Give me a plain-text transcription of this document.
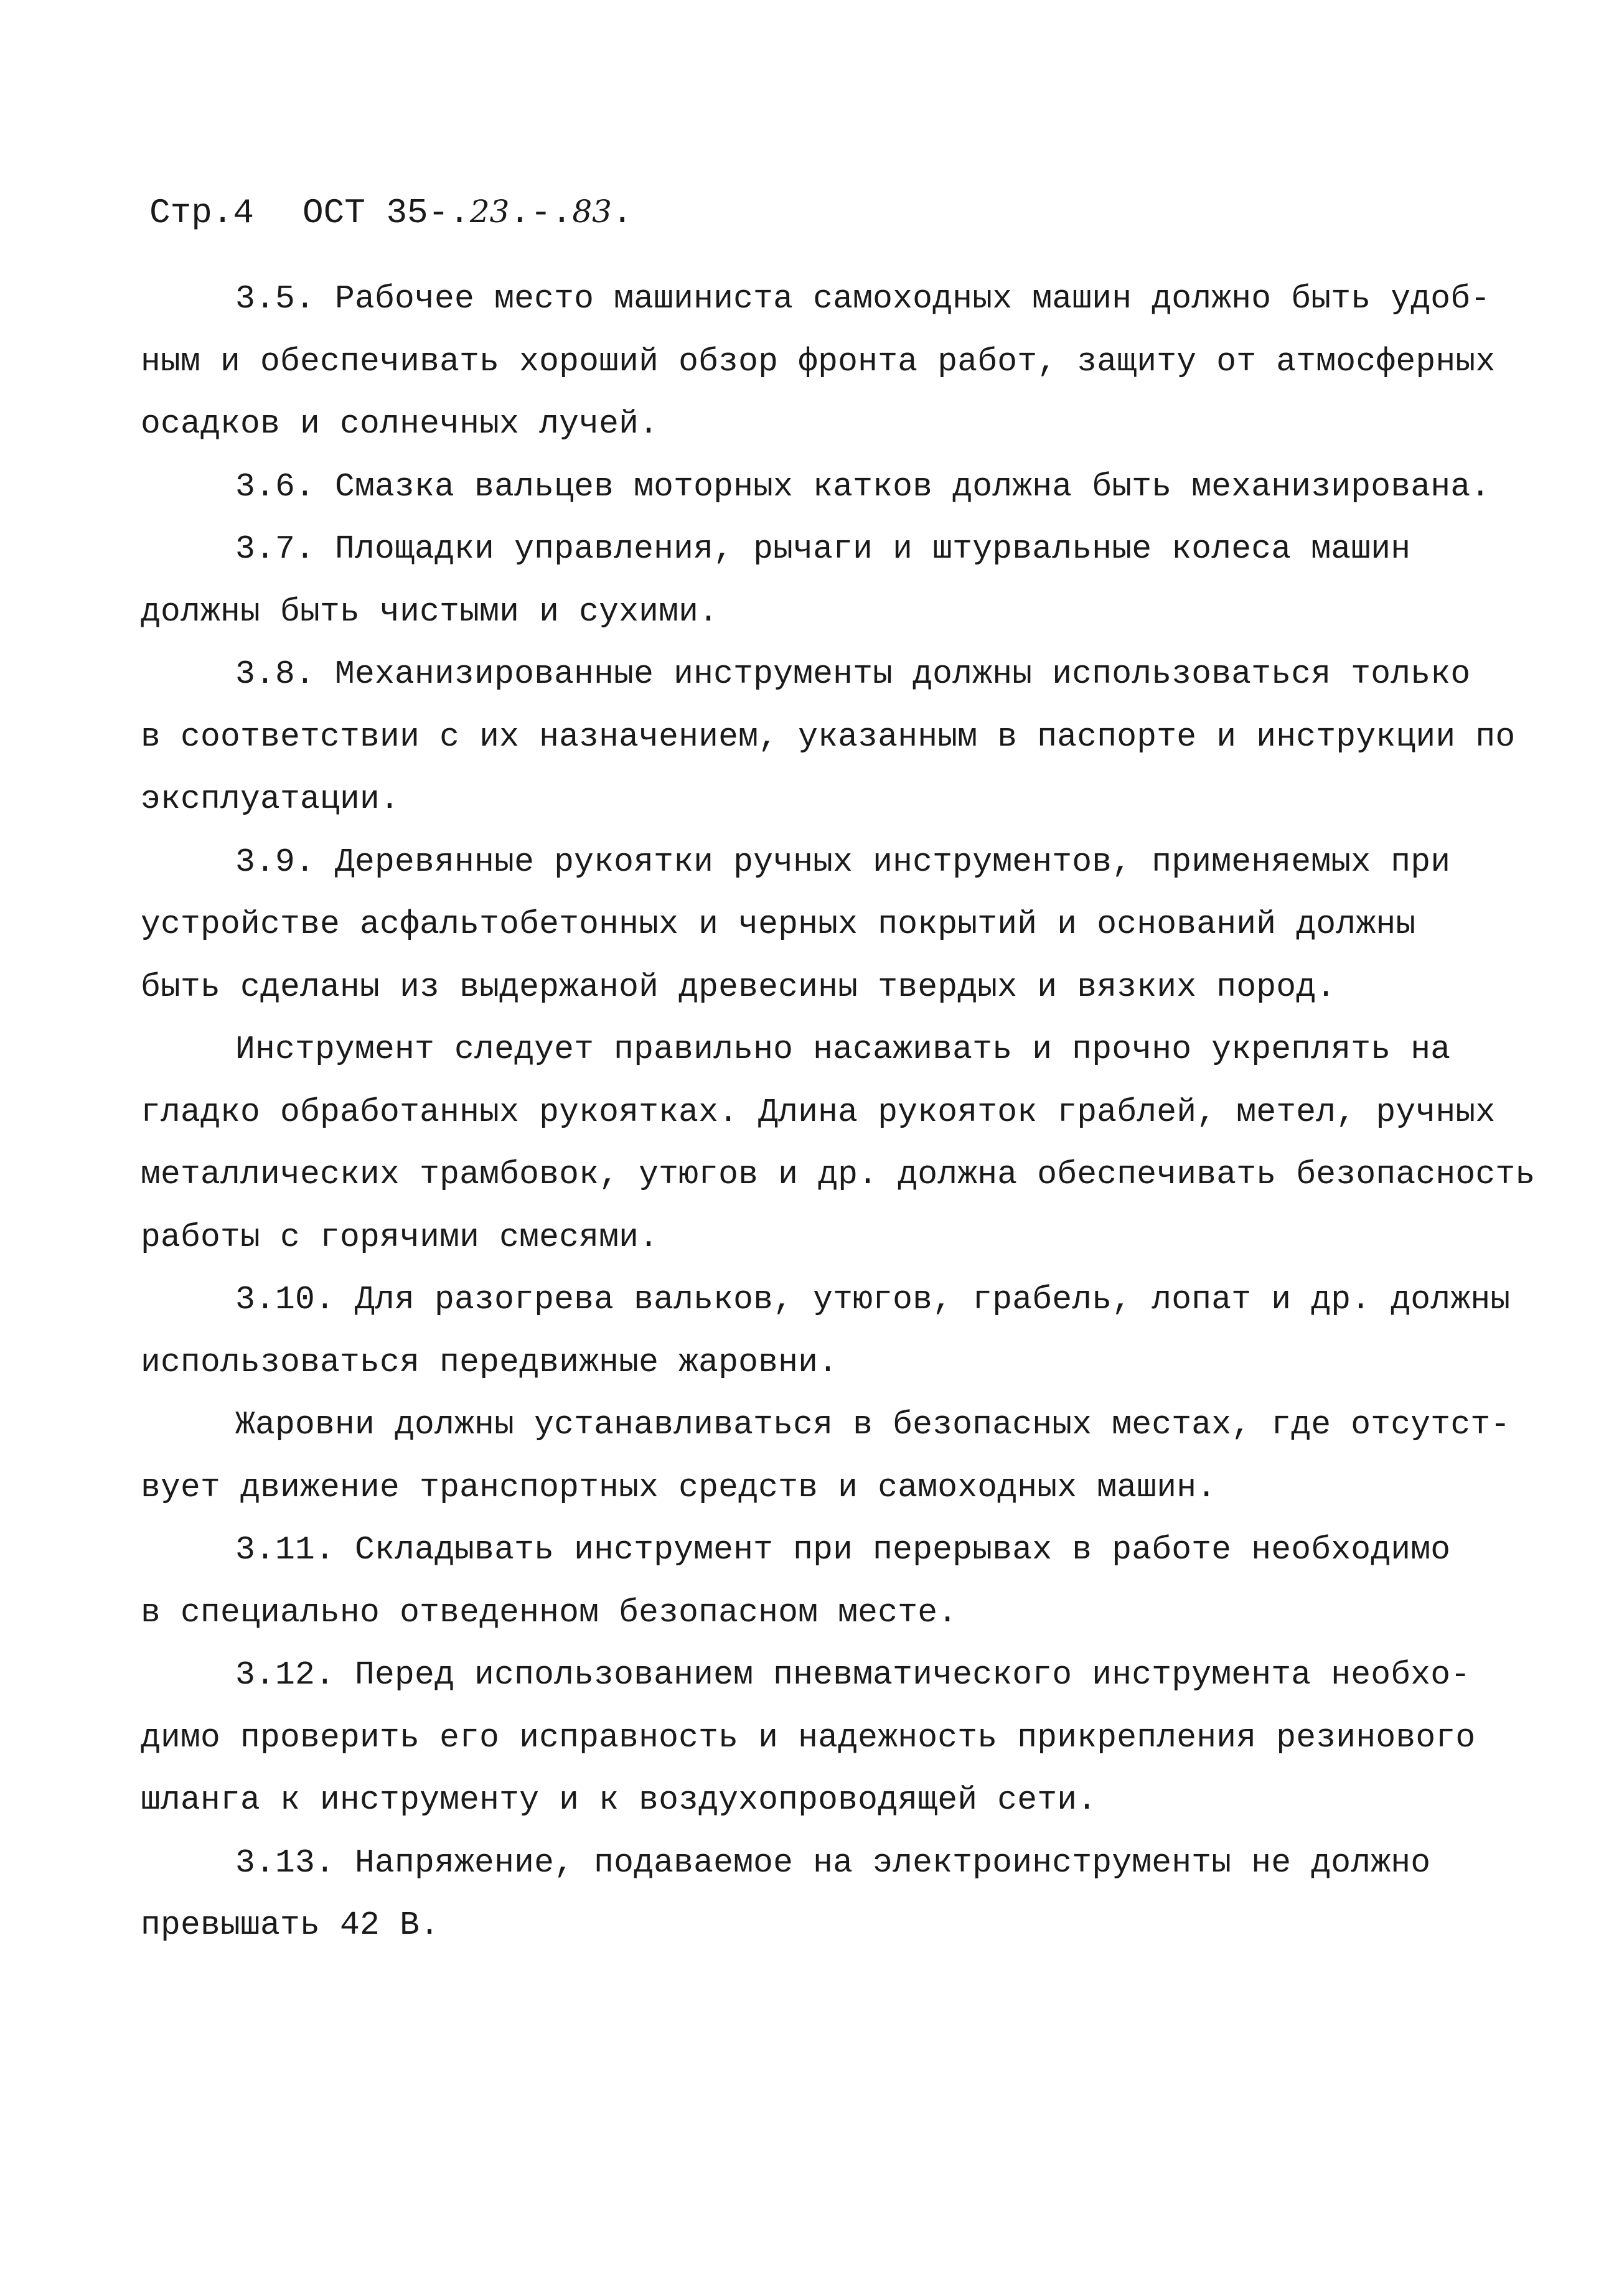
Стр.4 ОСТ 35-.23.-.83.
3.5. Рабочее место машиниста самоходных машин должно быть удоб-
ным и обеспечивать хороший обзор фронта работ, защиту от атмосферных
осадков и солнечных лучей.
3.6. Смазка вальцев моторных катков должна быть механизирована.
3.7. Площадки управления, рычаги и штурвальные колеса машин
должны быть чистыми и сухими.
3.8. Механизированные инструменты должны использоваться только
в соответствии с их назначением, указанным в паспорте и инструкции по
эксплуатации.
3.9. Деревянные рукоятки ручных инструментов, применяемых при
устройстве асфальтобетонных и черных покрытий и оснований должны
быть сделаны из выдержаной древесины твердых и вязких пород.
Инструмент следует правильно насаживать и прочно укреплять на
гладко обработанных рукоятках. Длина рукояток граблей, метел, ручных
металлических трамбовок, утюгов и др. должна обеспечивать безопасность
работы с горячими смесями.
3.10. Для разогрева вальков, утюгов, грабель, лопат и др. должны
использоваться передвижные жаровни.
Жаровни должны устанавливаться в безопасных местах, где отсутст-
вует движение транспортных средств и самоходных машин.
3.11. Складывать инструмент при перерывах в работе необходимо
в специально отведенном безопасном месте.
3.12. Перед использованием пневматического инструмента необхо-
димо проверить его исправность и надежность прикрепления резинового
шланга к инструменту и к воздухопроводящей сети.
3.13. Напряжение, подаваемое на электроинструменты не должно
превышать 42 В.
